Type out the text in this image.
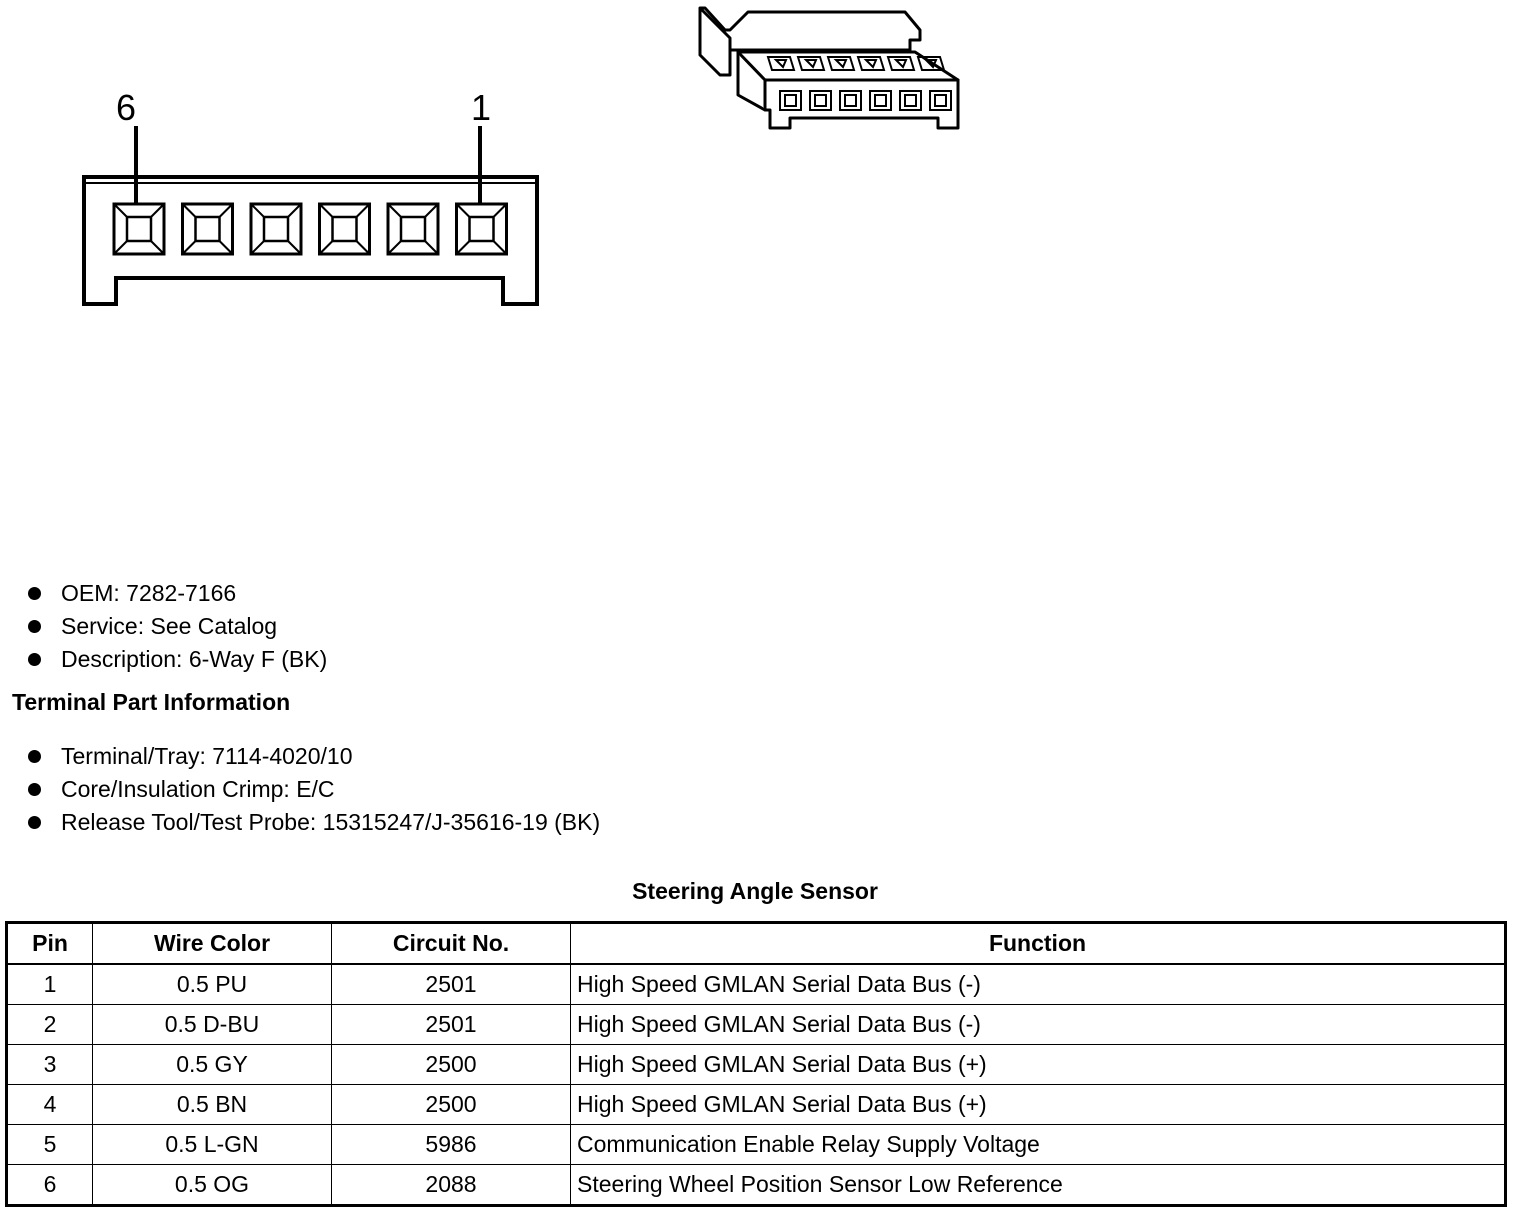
6	1
OEM: 7282-7166
Service: See Catalog
Description: 6-Way F (BK)
Terminal Part Information
Terminal/Tray: 7114-4020/10
Core/Insulation Crimp: E/C
Release Tool/Test Probe: 15315247/J-35616-19 (BK)
Steering Angle Sensor
Pin	Wire Color	Circuit No.	Function
1	0.5 PU	2501	High Speed GMLAN Serial Data Bus (-)
2	0.5 D-BU	2501	High Speed GMLAN Serial Data Bus (-)
3	0.5 GY	2500	High Speed GMLAN Serial Data Bus (+)
4	0.5 BN	2500	High Speed GMLAN Serial Data Bus (+)
5	0.5 L-GN	5986	Communication Enable Relay Supply Voltage
6	0.5 OG	2088	Steering Wheel Position Sensor Low Reference
